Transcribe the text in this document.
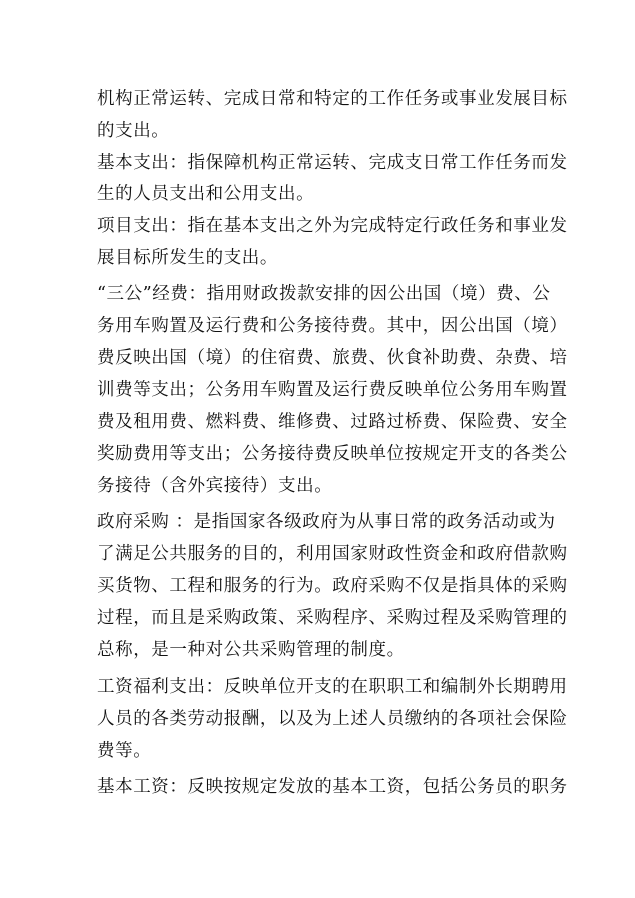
机构正常运转、完成日常和特定的工作任务或事业发展目标
的支出。
基本支出：指保障机构正常运转、完成支日常工作任务而发
生的人员支出和公用支出。
项目支出：指在基本支出之外为完成特定行政任务和事业发
展目标所发生的支出。
“三公”经费：指用财政拨款安排的因公出国（境）费、公
务用车购置及运行费和公务接待费。其中，因公出国（境）
费反映出国（境）的住宿费、旅费、伙食补助费、杂费、培
训费等支出；公务用车购置及运行费反映单位公务用车购置
费及租用费、燃料费、维修费、过路过桥费、保险费、安全
奖励费用等支出；公务接待费反映单位按规定开支的各类公
务接待（含外宾接待）支出。
政府采购 ：是指国家各级政府为从事日常的政务活动或为
了满足公共服务的目的，利用国家财政性资金和政府借款购
买货物、工程和服务的行为。政府采购不仅是指具体的采购
过程，而且是采购政策、采购程序、采购过程及采购管理的
总称，是一种对公共采购管理的制度。
工资福利支出：反映单位开支的在职职工和编制外长期聘用
人员的各类劳动报酬，以及为上述人员缴纳的各项社会保险
费等。
基本工资：反映按规定发放的基本工资，包括公务员的职务
